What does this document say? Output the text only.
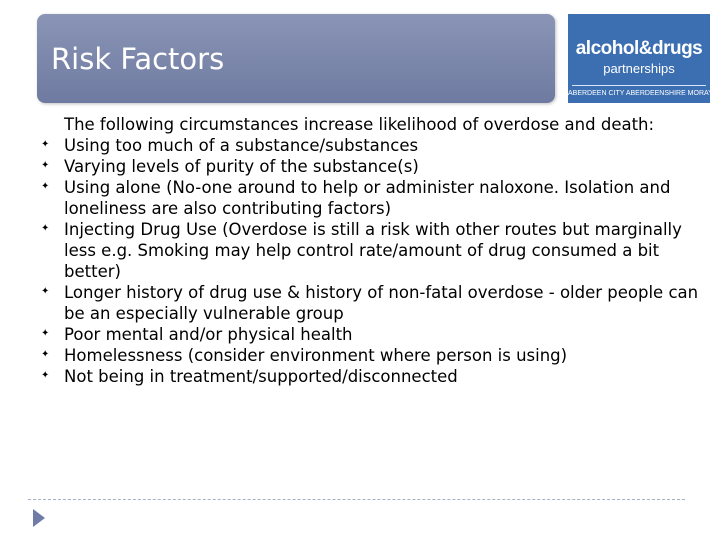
Risk Factors	alcohol&drugs
partnerships
ABERDEEN CITY ABERDEENSHIRE MORAY

The following circumstances increase likelihood of overdose and death:

✦ Using too much of a substance/substances
✦ Varying levels of purity of the substance(s)
✦ Using alone (No-one around to help or administer naloxone. Isolation and loneliness are also contributing factors)
✦ Injecting Drug Use (Overdose is still a risk with other routes but marginally less e.g. Smoking may help control rate/amount of drug consumed a bit better)
✦ Longer history of drug use & history of non-fatal overdose - older people can be an especially vulnerable group
✦ Poor mental and/or physical health
✦ Homelessness (consider environment where person is using)
✦ Not being in treatment/supported/disconnected
